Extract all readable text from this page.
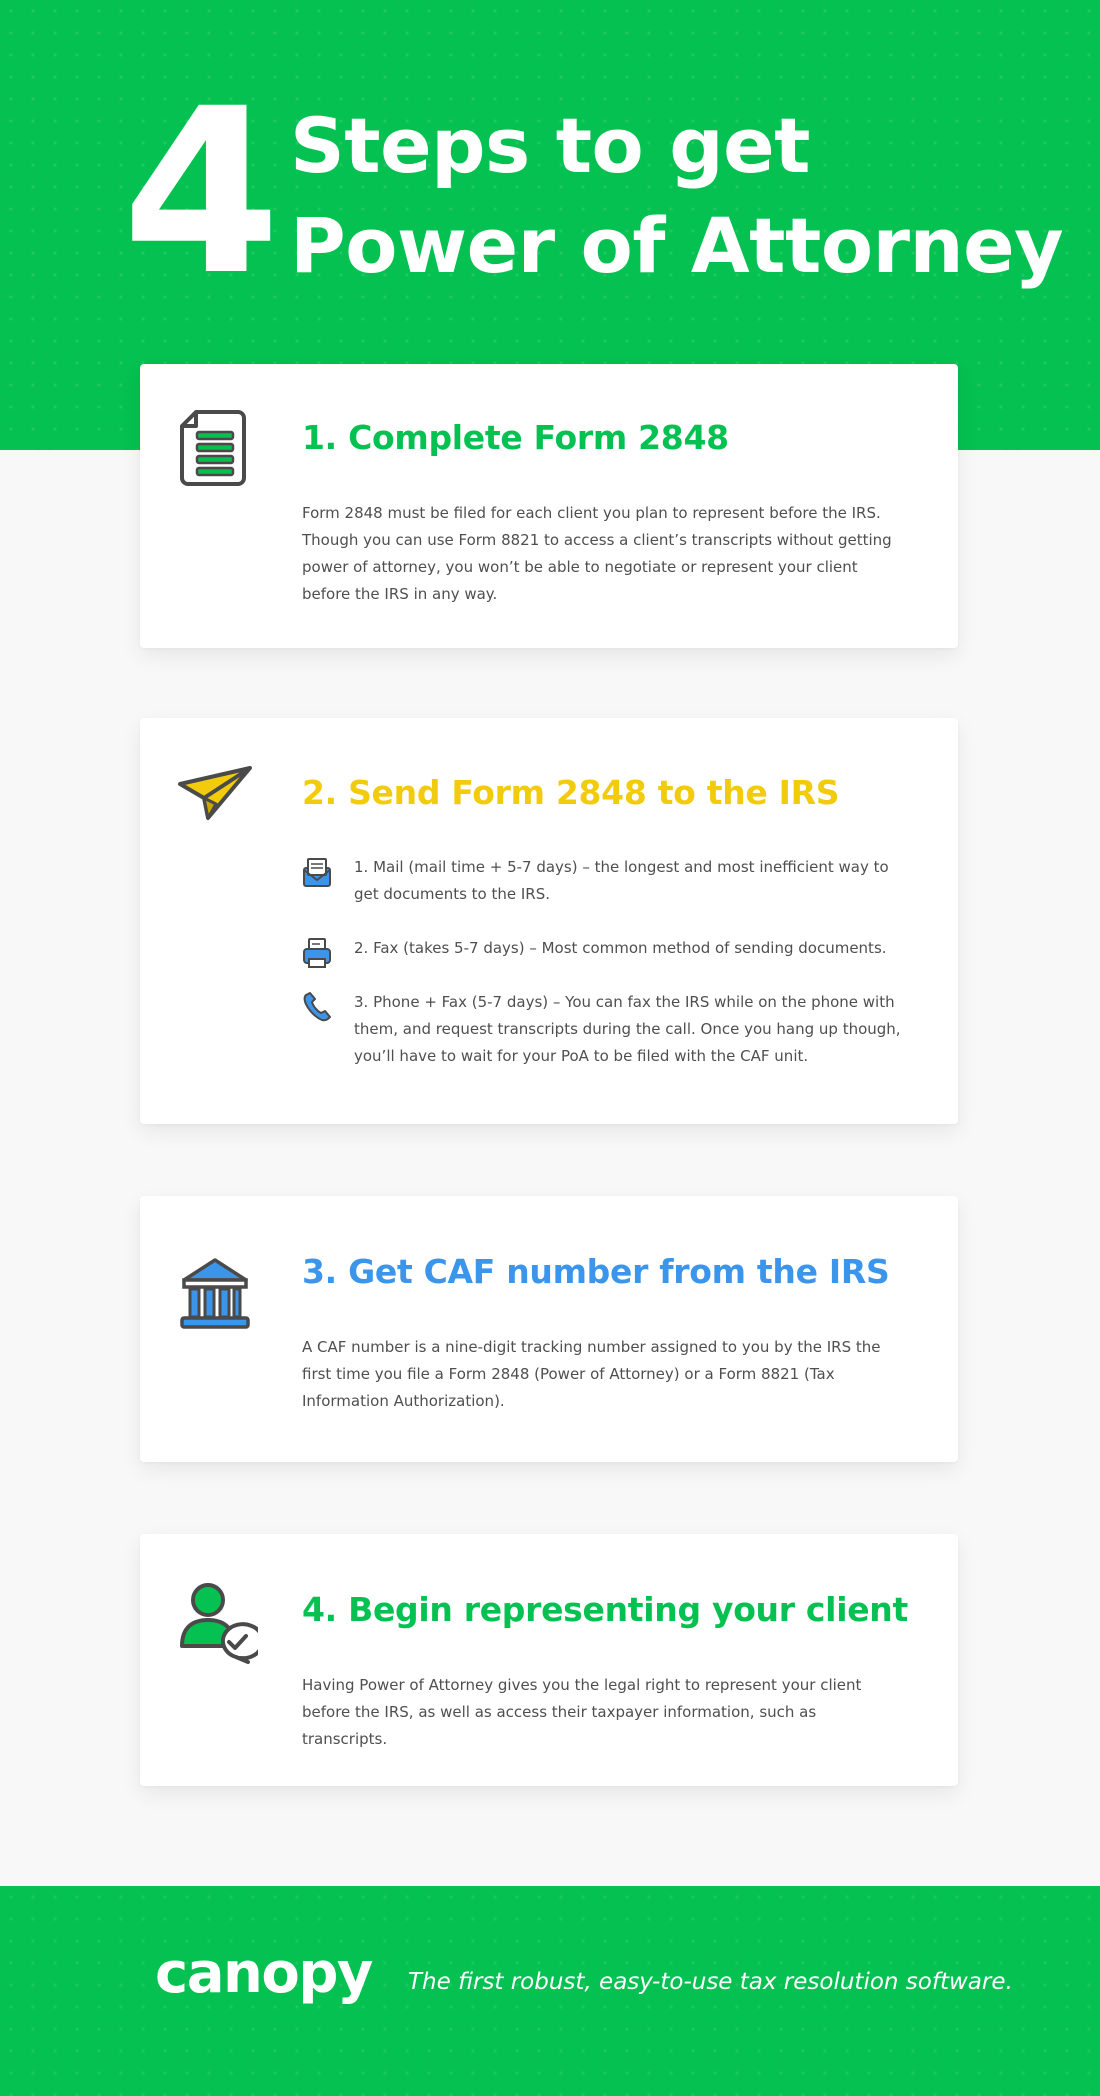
4 Steps to get
Power of Attorney
1. Complete Form 2848
Form 2848 must be filed for each client you plan to represent before the IRS. Though you can use Form 8821 to access a client’s transcripts without getting power of attorney, you won’t be able to negotiate or represent your client before the IRS in any way.
2. Send Form 2848 to the IRS
1. Mail (mail time + 5-7 days) – the longest and most inefficient way to get documents to the IRS.
2. Fax (takes 5-7 days) – Most common method of sending documents.
3. Phone + Fax (5-7 days) – You can fax the IRS while on the phone with them, and request transcripts during the call. Once you hang up though, you’ll have to wait for your PoA to be filed with the CAF unit.
3. Get CAF number from the IRS
A CAF number is a nine-digit tracking number assigned to you by the IRS the first time you file a Form 2848 (Power of Attorney) or a Form 8821 (Tax Information Authorization).
4. Begin representing your client
Having Power of Attorney gives you the legal right to represent your client before the IRS, as well as access their taxpayer information, such as transcripts.
canopy The first robust, easy-to-use tax resolution software.
